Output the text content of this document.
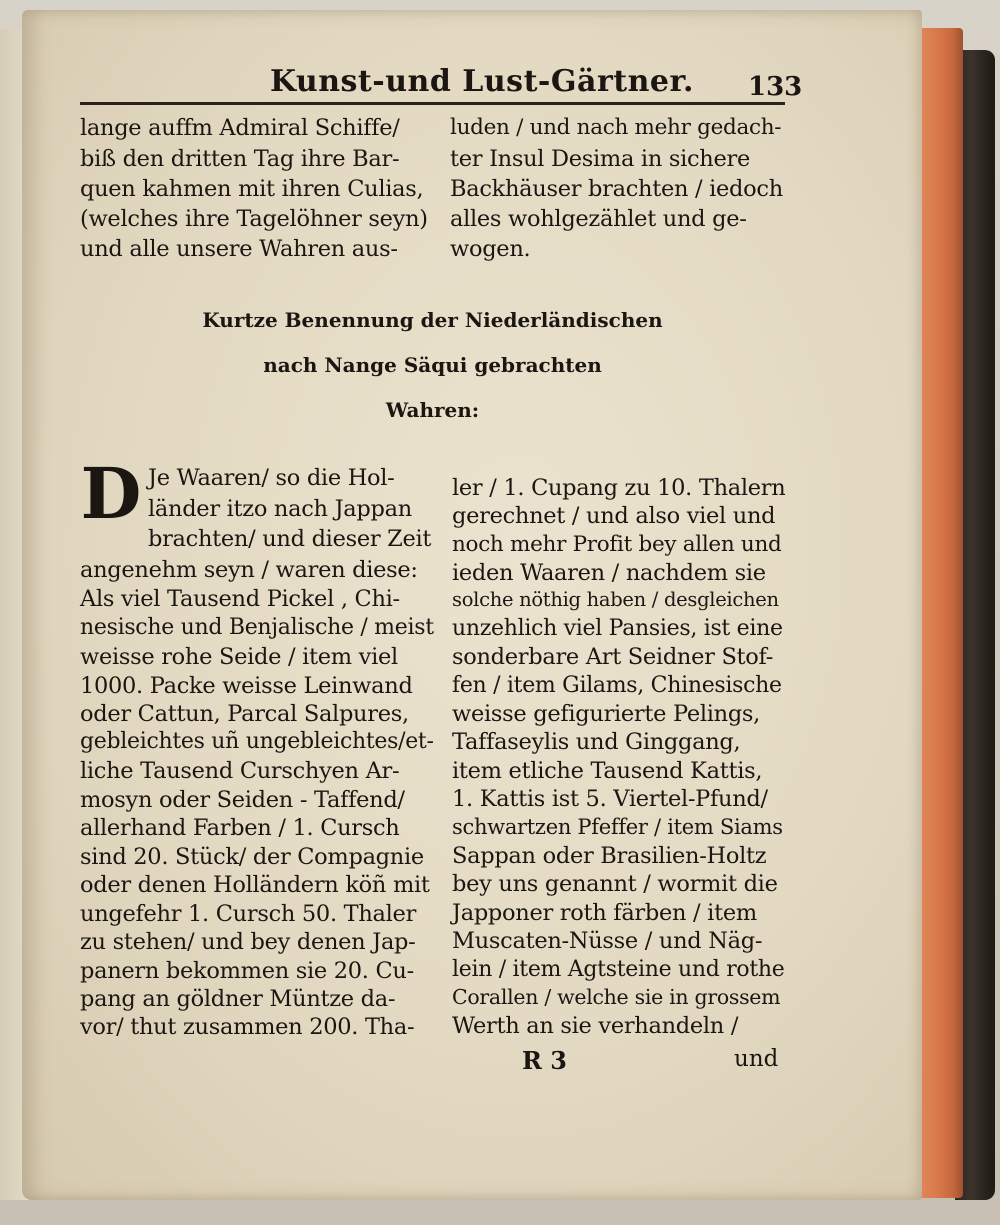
Kunst-und Lust-Gärtner. 133
lange auffm Admiral Schiffe/
biß den dritten Tag ihre Bar-
quen kahmen mit ihren Culias,
(welches ihre Tagelöhner seyn)
und alle unsere Wahren aus-
luden / und nach mehr gedach-
ter Insul Desima in sichere
Backhäuser brachten / iedoch
alles wohlgezählet und ge-
wogen.
Kurtze Benennung der Niederländischen
nach Nange Säqui gebrachten
Wahren:
D Je Waaren/ so die Hol-
länder itzo nach Jappan
brachten/ und dieser Zeit
angenehm seyn / waren diese:
Als viel Tausend Pickel , Chi-
nesische und Benjalische / meist
weisse rohe Seide / item viel
1000. Packe weisse Leinwand
oder Cattun, Parcal Salpures,
gebleichtes uñ ungebleichtes/et-
liche Tausend Curschyen Ar-
mosyn oder Seiden - Taffend/
allerhand Farben / 1. Cursch
sind 20. Stück/ der Compagnie
oder denen Holländern köñ mit
ungefehr 1. Cursch 50. Thaler
zu stehen/ und bey denen Jap-
panern bekommen sie 20. Cu-
pang an göldner Müntze da-
vor/ thut zusammen 200. Tha-
ler / 1. Cupang zu 10. Thalern
gerechnet / und also viel und
noch mehr Profit bey allen und
ieden Waaren / nachdem sie
solche nöthig haben / desgleichen
unzehlich viel Pansies, ist eine
sonderbare Art Seidner Stof-
fen / item Gilams, Chinesische
weisse gefigurierte Pelings,
Taffaseylis und Ginggang,
item etliche Tausend Kattis,
1. Kattis ist 5. Viertel-Pfund/
schwartzen Pfeffer / item Siams
Sappan oder Brasilien-Holtz
bey uns genannt / wormit die
Japponer roth färben / item
Muscaten-Nüsse / und Näg-
lein / item Agtsteine und rothe
Corallen / welche sie in grossem
Werth an sie verhandeln /
R 3	und
